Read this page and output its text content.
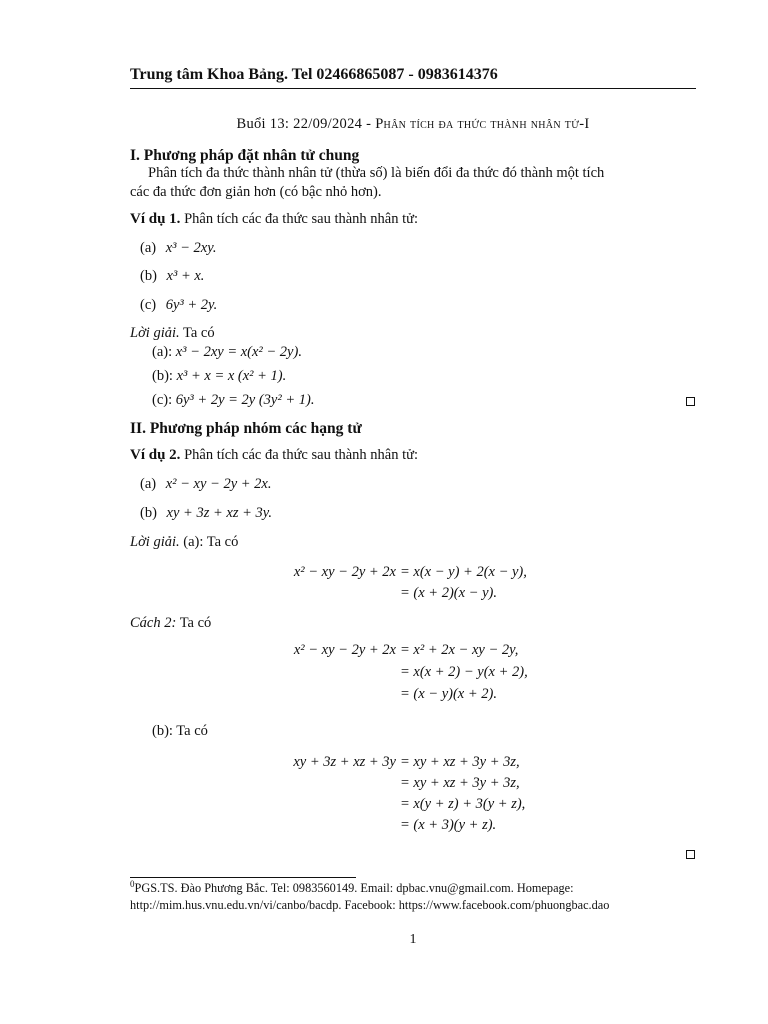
Trung tâm Khoa Bảng. Tel 02466865087 - 0983614376
Buổi 13: 22/09/2024 - Phân tích đa thức thành nhân tử-I
I. Phương pháp đặt nhân tử chung
Phân tích đa thức thành nhân tử (thừa số) là biến đổi đa thức đó thành một tích
các đa thức đơn giản hơn (có bậc nhỏ hơn).
Ví dụ 1. Phân tích các đa thức sau thành nhân tử:
(a) x³ − 2xy.
(b) x³ + x.
(c) 6y³ + 2y.
Lời giải. Ta có
(a): x³ − 2xy = x(x² − 2y).
(b): x³ + x = x (x² + 1).
(c): 6y³ + 2y = 2y (3y² + 1).
II. Phương pháp nhóm các hạng tử
Ví dụ 2. Phân tích các đa thức sau thành nhân tử:
(a) x² − xy − 2y + 2x.
(b) xy + 3z + xz + 3y.
Lời giải. (a): Ta có
x² − xy − 2y + 2x = x(x − y) + 2(x − y),
= (x + 2)(x − y).
Cách 2: Ta có
x² − xy − 2y + 2x = x² + 2x − xy − 2y,
= x(x + 2) − y(x + 2),
= (x − y)(x + 2).
(b): Ta có
xy + 3z + xz + 3y = xy + xz + 3y + 3z,
= xy + xz + 3y + 3z,
= x(y + z) + 3(y + z),
= (x + 3)(y + z).
$^0$PGS.TS. Đào Phương Bắc. Tel: 0983560149. Email: dpbac.vnu@gmail.com. Homepage:
http://mim.hus.vnu.edu.vn/vi/canbo/bacdp. Facebook: https://www.facebook.com/phuongbac.dao
1
